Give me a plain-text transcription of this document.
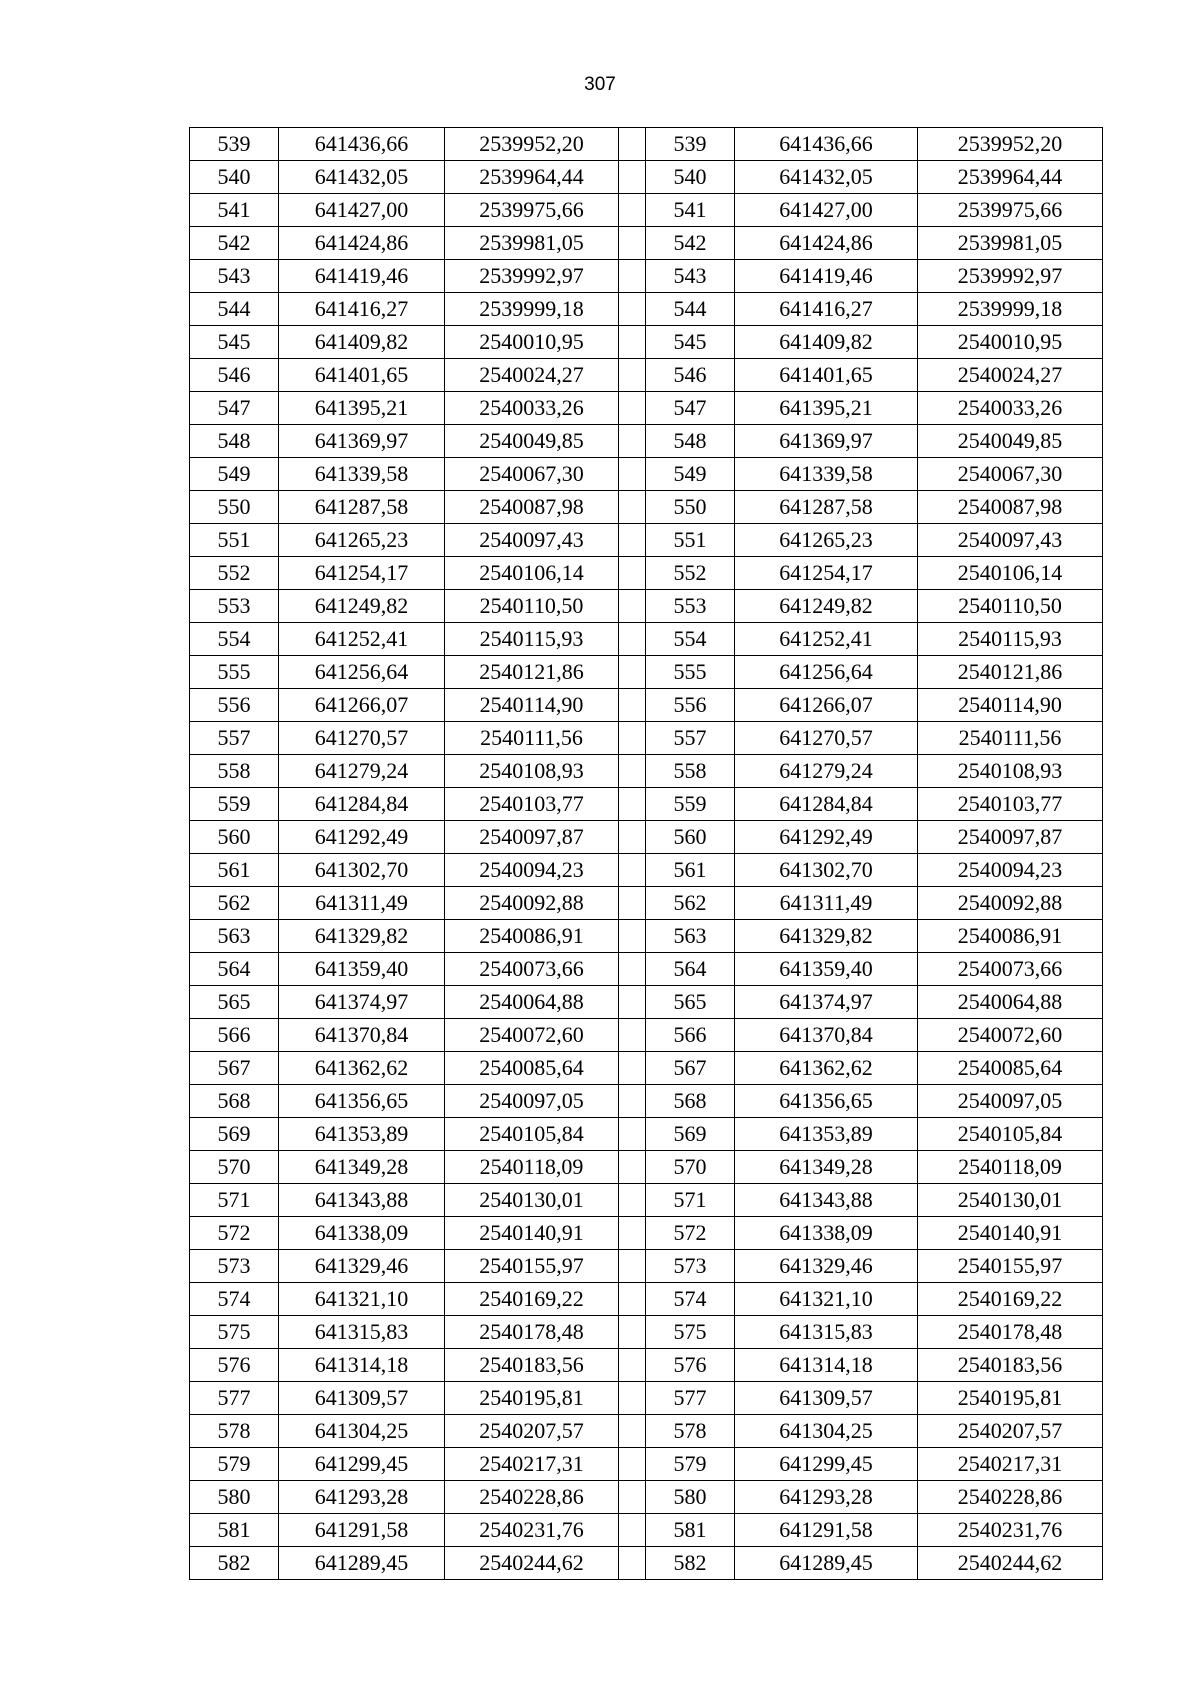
307
539	641436,66	2539952,20		539	641436,66	2539952,20
540	641432,05	2539964,44		540	641432,05	2539964,44
541	641427,00	2539975,66		541	641427,00	2539975,66
542	641424,86	2539981,05		542	641424,86	2539981,05
543	641419,46	2539992,97		543	641419,46	2539992,97
544	641416,27	2539999,18		544	641416,27	2539999,18
545	641409,82	2540010,95		545	641409,82	2540010,95
546	641401,65	2540024,27		546	641401,65	2540024,27
547	641395,21	2540033,26		547	641395,21	2540033,26
548	641369,97	2540049,85		548	641369,97	2540049,85
549	641339,58	2540067,30		549	641339,58	2540067,30
550	641287,58	2540087,98		550	641287,58	2540087,98
551	641265,23	2540097,43		551	641265,23	2540097,43
552	641254,17	2540106,14		552	641254,17	2540106,14
553	641249,82	2540110,50		553	641249,82	2540110,50
554	641252,41	2540115,93		554	641252,41	2540115,93
555	641256,64	2540121,86		555	641256,64	2540121,86
556	641266,07	2540114,90		556	641266,07	2540114,90
557	641270,57	2540111,56		557	641270,57	2540111,56
558	641279,24	2540108,93		558	641279,24	2540108,93
559	641284,84	2540103,77		559	641284,84	2540103,77
560	641292,49	2540097,87		560	641292,49	2540097,87
561	641302,70	2540094,23		561	641302,70	2540094,23
562	641311,49	2540092,88		562	641311,49	2540092,88
563	641329,82	2540086,91		563	641329,82	2540086,91
564	641359,40	2540073,66		564	641359,40	2540073,66
565	641374,97	2540064,88		565	641374,97	2540064,88
566	641370,84	2540072,60		566	641370,84	2540072,60
567	641362,62	2540085,64		567	641362,62	2540085,64
568	641356,65	2540097,05		568	641356,65	2540097,05
569	641353,89	2540105,84		569	641353,89	2540105,84
570	641349,28	2540118,09		570	641349,28	2540118,09
571	641343,88	2540130,01		571	641343,88	2540130,01
572	641338,09	2540140,91		572	641338,09	2540140,91
573	641329,46	2540155,97		573	641329,46	2540155,97
574	641321,10	2540169,22		574	641321,10	2540169,22
575	641315,83	2540178,48		575	641315,83	2540178,48
576	641314,18	2540183,56		576	641314,18	2540183,56
577	641309,57	2540195,81		577	641309,57	2540195,81
578	641304,25	2540207,57		578	641304,25	2540207,57
579	641299,45	2540217,31		579	641299,45	2540217,31
580	641293,28	2540228,86		580	641293,28	2540228,86
581	641291,58	2540231,76		581	641291,58	2540231,76
582	641289,45	2540244,62		582	641289,45	2540244,62
